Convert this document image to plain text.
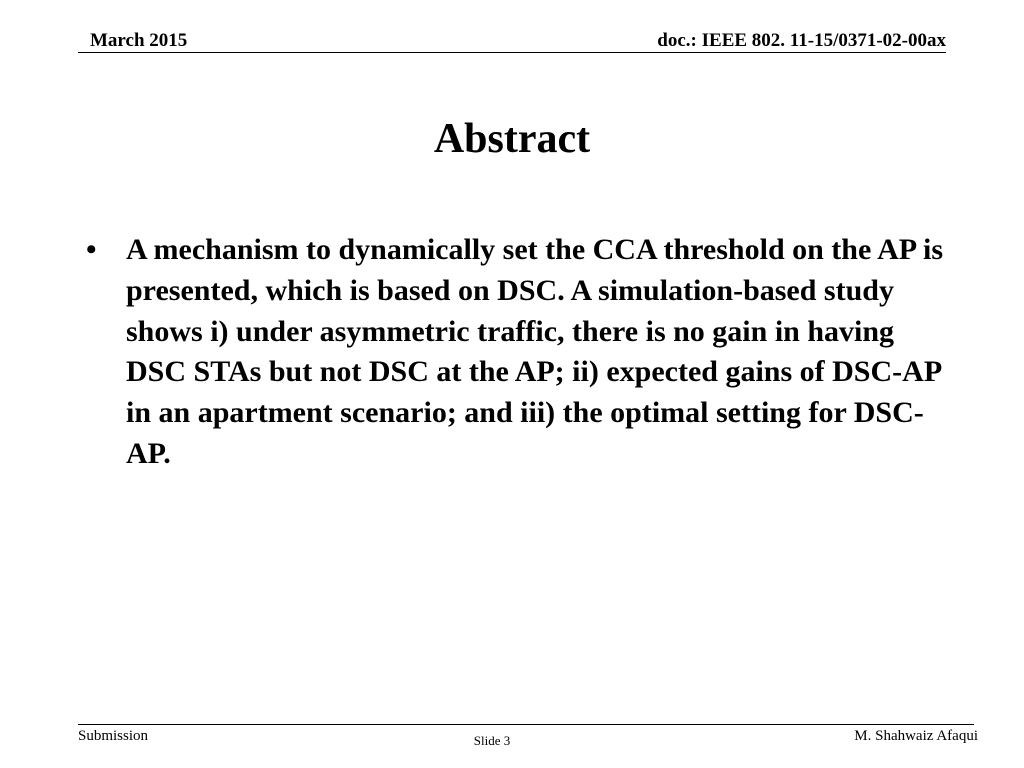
March 2015	doc.: IEEE 802. 11-15/0371-02-00ax
Abstract
• A mechanism to dynamically set the CCA threshold on the AP is presented, which is based on DSC. A simulation-based study shows i) under asymmetric traffic, there is no gain in having DSC STAs but not DSC at the AP; ii) expected gains of DSC-AP in an apartment scenario; and iii) the optimal setting for DSC-AP.
Submission	Slide 3	M. Shahwaiz Afaqui
